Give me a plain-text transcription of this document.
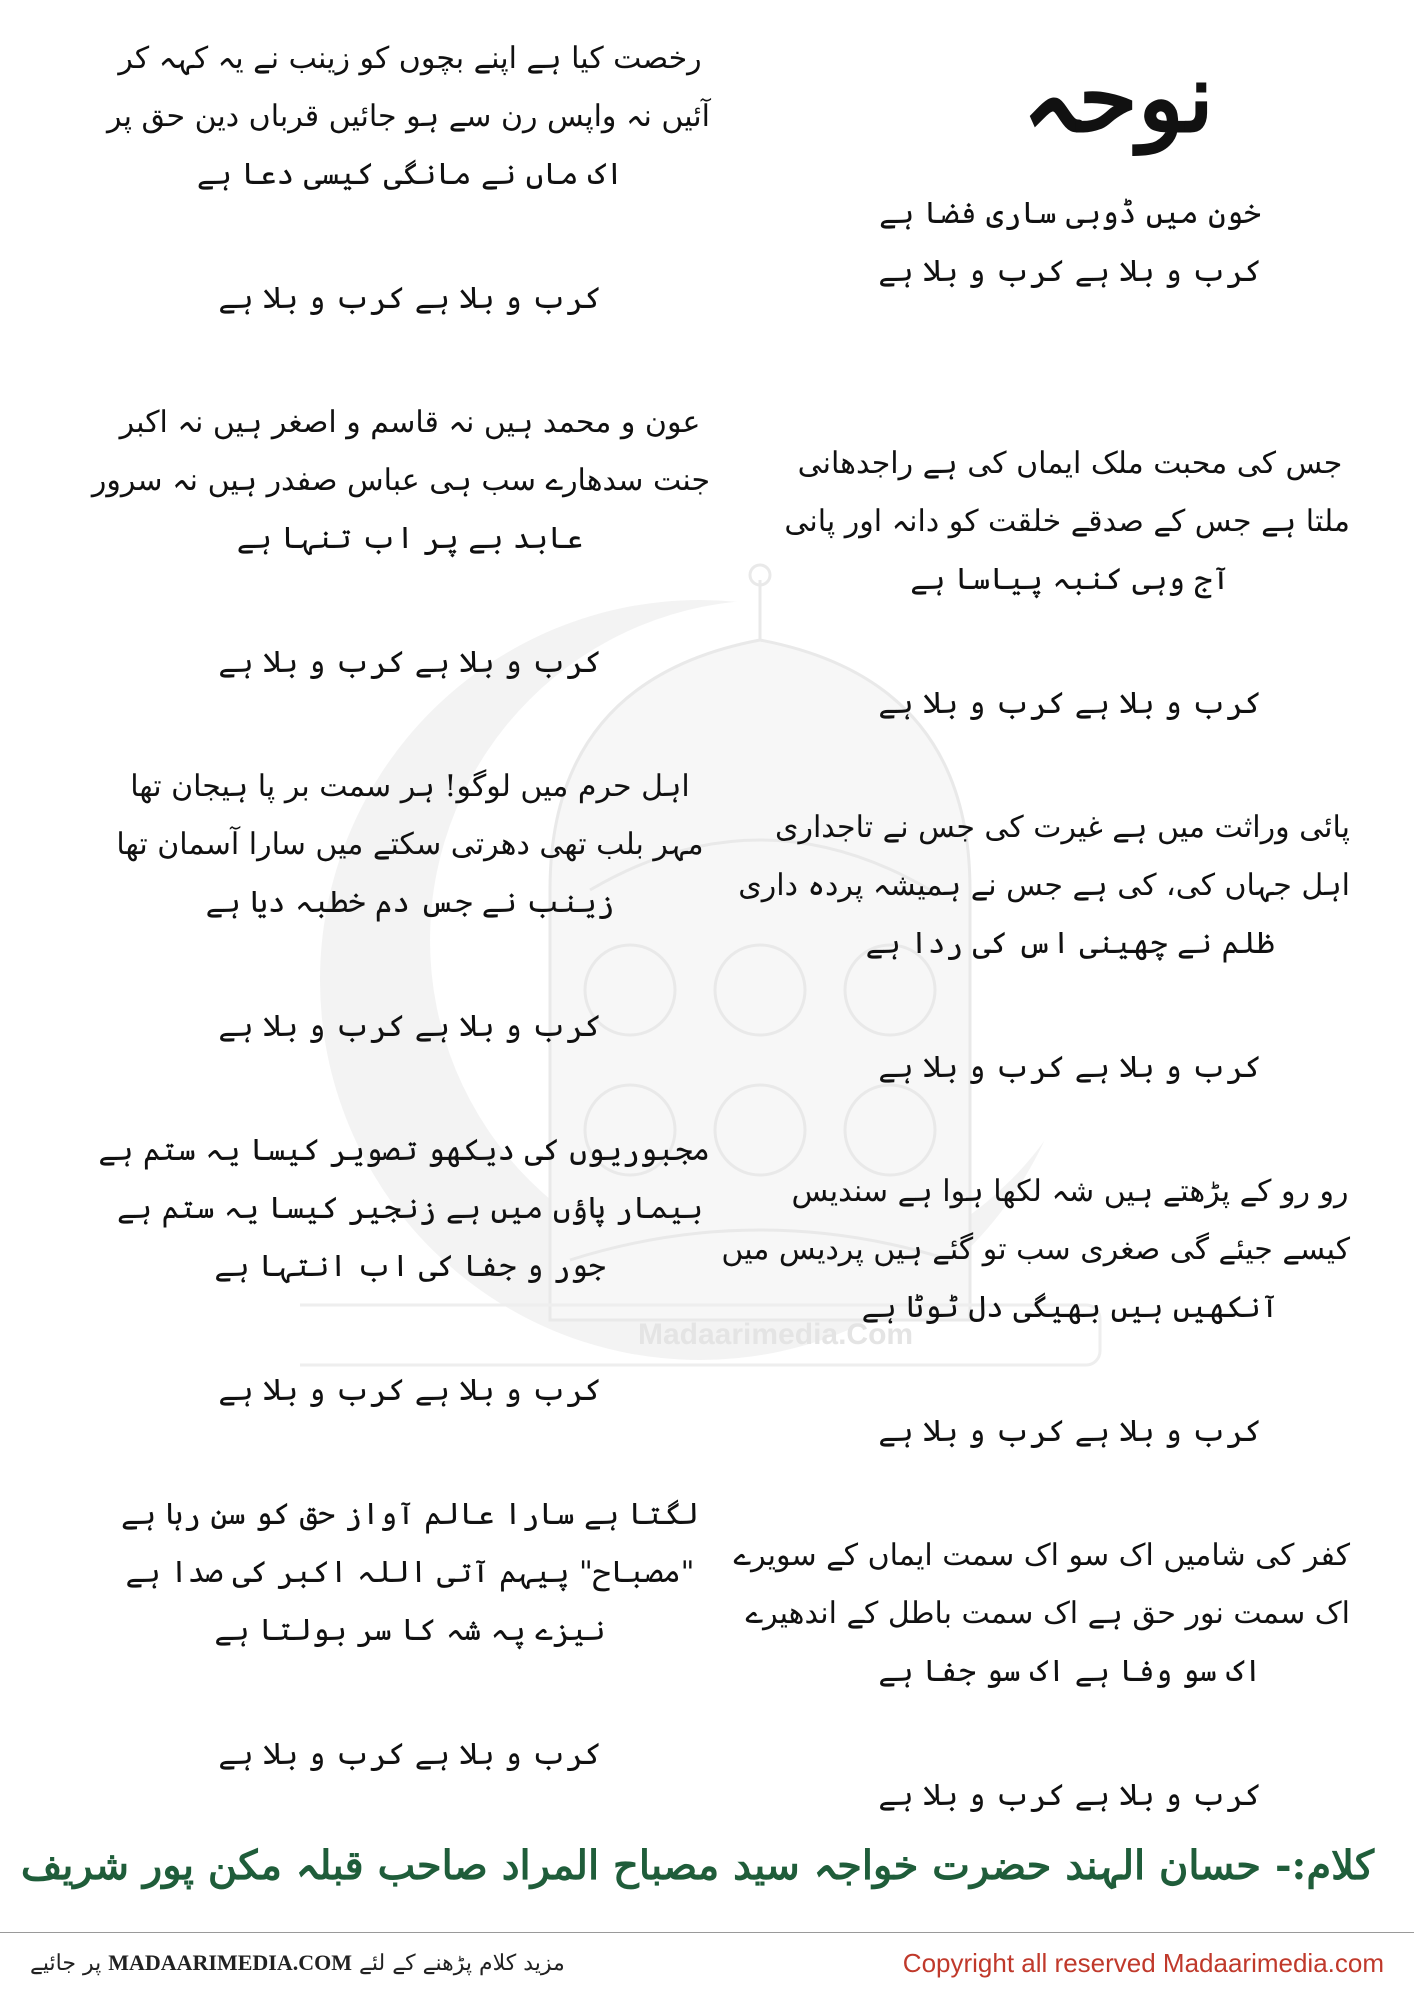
Madaarimedia.Com
نوحہ
خون میں ڈوبی ساری فضا ہے
کرب و بلا ہے کرب و بلا ہے
جس کی محبت ملک ایماں کی ہے راجدھانی
ملتا ہے جس کے صدقے خلقت کو دانہ اور پانی
آج وہی کنبہ پیاسا ہے
کرب و بلا ہے کرب و بلا ہے
پائی وراثت میں ہے غیرت کی جس نے تاجداری
اہل جہاں کی، کی ہے جس نے ہمیشہ پردہ داری
ظلم نے چھینی اس کی ردا ہے
کرب و بلا ہے کرب و بلا ہے
رو رو کے پڑھتے ہیں شہ لکھا ہوا ہے سندیس
کیسے جیئے گی صغری سب تو گئے ہیں پردیس میں
آنکھیں ہیں بھیگی دل ٹوٹا ہے
کرب و بلا ہے کرب و بلا ہے
کفر کی شامیں اک سو اک سمت ایماں کے سویرے
اک سمت نور حق ہے اک سمت باطل کے اندھیرے
اک سو وفا ہے اک سو جفا ہے
کرب و بلا ہے کرب و بلا ہے
رخصت کیا ہے اپنے بچوں کو زینب نے یہ کہہ کر
آئیں نہ واپس رن سے ہو جائیں قرباں دین حق پر
اک ماں نے مانگی کیسی دعا ہے
کرب و بلا ہے کرب و بلا ہے
عون و محمد ہیں نہ قاسم و اصغر ہیں نہ اکبر
جنت سدھارے سب ہی عباس صفدر ہیں نہ سرور
عابد بے پر اب تنہا ہے
کرب و بلا ہے کرب و بلا ہے
اہل حرم میں لوگو! ہر سمت بر پا ہیجان تھا
مہر بلب تھی دھرتی سکتے میں سارا آسمان تھا
زینب نے جس دم خطبہ دیا ہے
کرب و بلا ہے کرب و بلا ہے
مجبوریوں کی دیکھو تصویر کیسا یہ ستم ہے
بیمار پاؤں میں ہے زنجیر کیسا یہ ستم ہے
جور و جفا کی اب انتہا ہے
کرب و بلا ہے کرب و بلا ہے
لگتا ہے سارا عالم آواز حق کو سن رہا ہے
"مصباح" پیہم آتی اللہ اکبر کی صدا ہے
نیزے پہ شہ کا سر بولتا ہے
کرب و بلا ہے کرب و بلا ہے
کلام:- حسان الہند حضرت خواجہ سید مصباح المراد صاحب قبلہ مکن پور شریف
مزید کلام پڑھنے کے لئے MADAARIMEDIA.COM پر جائیے	Copyright all reserved Madaarimedia.com
